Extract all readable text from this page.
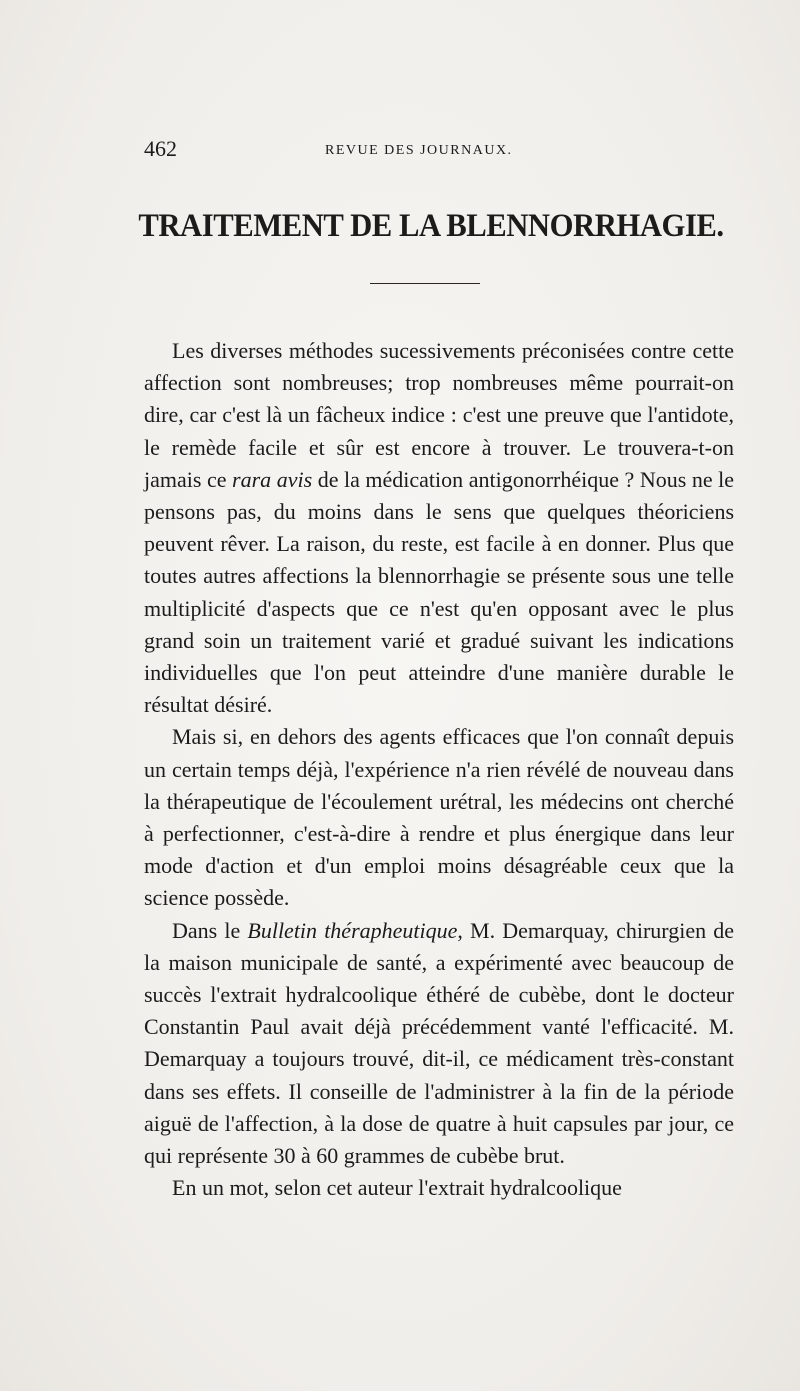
462	REVUE DES JOURNAUX.
TRAITEMENT DE LA BLENNORRHAGIE.

Les diverses méthodes sucessivements préconisées contre cette affection sont nombreuses; trop nombreuses même pourrait-on dire, car c'est là un fâcheux indice : c'est une preuve que l'antidote, le remède facile et sûr est encore à trouver. Le trouvera-t-on jamais ce rara avis de la médication antigonorrhéique ? Nous ne le pensons pas, du moins dans le sens que quelques théoriciens peuvent rêver. La raison, du reste, est facile à en donner. Plus que toutes autres affections la blennorrhagie se présente sous une telle multiplicité d'aspects que ce n'est qu'en opposant avec le plus grand soin un traitement varié et gradué suivant les indications individuelles que l'on peut atteindre d'une manière durable le résultat désiré.

Mais si, en dehors des agents efficaces que l'on connaît depuis un certain temps déjà, l'expérience n'a rien révélé de nouveau dans la thérapeutique de l'écoulement urétral, les médecins ont cherché à perfectionner, c'est-à-dire à rendre et plus énergique dans leur mode d'action et d'un emploi moins désagréable ceux que la science possède.

Dans le Bulletin thérapheutique, M. Demarquay, chirurgien de la maison municipale de santé, a expérimenté avec beaucoup de succès l'extrait hydralcoolique éthéré de cubèbe, dont le docteur Constantin Paul avait déjà précédemment vanté l'efficacité. M. Demarquay a toujours trouvé, dit-il, ce médicament très-constant dans ses effets. Il conseille de l'administrer à la fin de la période aiguë de l'affection, à la dose de quatre à huit capsules par jour, ce qui représente 30 à 60 grammes de cubèbe brut.

En un mot, selon cet auteur l'extrait hydralcoolique
